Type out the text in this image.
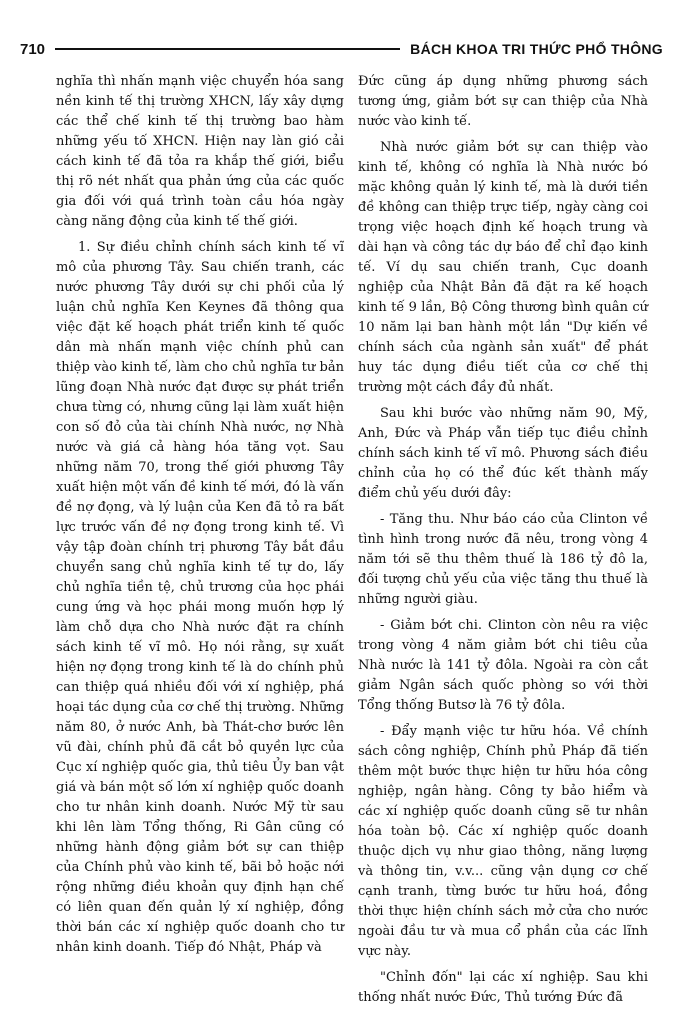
710	BÁCH KHOA TRI THỨC PHỔ THÔNG

nghĩa thì nhấn mạnh việc chuyển hóa sang nền kinh tế thị trường XHCN, lấy xây dựng các thể chế kinh tế thị trường bao hàm những yếu tố XHCN. Hiện nay làn gió cải cách kinh tế đã tỏa ra khắp thế giới, biểu thị rõ nét nhất qua phản ứng của các quốc gia đối với quá trình toàn cầu hóa ngày càng năng động của kinh tế thế giới.

1. Sự điều chỉnh chính sách kinh tế vĩ mô của phương Tây. Sau chiến tranh, các nước phương Tây dưới sự chi phối của lý luận chủ nghĩa Ken Keynes đã thông qua việc đặt kế hoạch phát triển kinh tế quốc dân mà nhấn mạnh việc chính phủ can thiệp vào kinh tế, làm cho chủ nghĩa tư bản lũng đoạn Nhà nước đạt được sự phát triển chưa từng có, nhưng cũng lại làm xuất hiện con số đỏ của tài chính Nhà nước, nợ Nhà nước và giá cả hàng hóa tăng vọt. Sau những năm 70, trong thế giới phương Tây xuất hiện một vấn đề kinh tế mới, đó là vấn đề nợ đọng, và lý luận của Ken đã tỏ ra bất lực trước vấn đề nợ đọng trong kinh tế. Vì vậy tập đoàn chính trị phương Tây bắt đầu chuyển sang chủ nghĩa kinh tế tự do, lấy chủ nghĩa tiền tệ, chủ trương của học phái cung ứng và học phái mong muốn hợp lý làm chỗ dựa cho Nhà nước đặt ra chính sách kinh tế vĩ mô. Họ nói rằng, sự xuất hiện nợ đọng trong kinh tế là do chính phủ can thiệp quá nhiều đối với xí nghiệp, phá hoại tác dụng của cơ chế thị trường. Những năm 80, ở nước Anh, bà Thát-chơ bước lên vũ đài, chính phủ đã cắt bỏ quyền lực của Cục xí nghiệp quốc gia, thủ tiêu Ủy ban vật giá và bán một số lớn xí nghiệp quốc doanh cho tư nhân kinh doanh. Nước Mỹ từ sau khi lên làm Tổng thống, Ri Gân cũng có những hành động giảm bớt sự can thiệp của Chính phủ vào kinh tế, bãi bỏ hoặc nới rộng những điều khoản quy định hạn chế có liên quan đến quản lý xí nghiệp, đồng thời bán các xí nghiệp quốc doanh cho tư nhân kinh doanh. Tiếp đó Nhật, Pháp và

Đức cũng áp dụng những phương sách tương ứng, giảm bớt sự can thiệp của Nhà nước vào kinh tế.

Nhà nước giảm bớt sự can thiệp vào kinh tế, không có nghĩa là Nhà nước bó mặc không quản lý kinh tế, mà là dưới tiền đề không can thiệp trực tiếp, ngày càng coi trọng việc hoạch định kế hoạch trung và dài hạn và công tác dự báo để chỉ đạo kinh tế. Ví dụ sau chiến tranh, Cục doanh nghiệp của Nhật Bản đã đặt ra kế hoạch kinh tế 9 lần, Bộ Công thương bình quân cứ 10 năm lại ban hành một lần "Dự kiến về chính sách của ngành sản xuất" để phát huy tác dụng điều tiết của cơ chế thị trường một cách đầy đủ nhất.

Sau khi bước vào những năm 90, Mỹ, Anh, Đức và Pháp vẫn tiếp tục điều chỉnh chính sách kinh tế vĩ mô. Phương sách điều chỉnh của họ có thể đúc kết thành mấy điểm chủ yếu dưới đây:

- Tăng thu. Như báo cáo của Clinton về tình hình trong nước đã nêu, trong vòng 4 năm tới sẽ thu thêm thuế là 186 tỷ đô la, đối tượng chủ yếu của việc tăng thu thuế là những người giàu.

- Giảm bớt chi. Clinton còn nêu ra việc trong vòng 4 năm giảm bớt chi tiêu của Nhà nước là 141 tỷ đôla. Ngoài ra còn cắt giảm Ngân sách quốc phòng so với thời Tổng thống Butsơ là 76 tỷ đôla.

- Đẩy mạnh việc tư hữu hóa. Về chính sách công nghiệp, Chính phủ Pháp đã tiến thêm một bước thực hiện tư hữu hóa công nghiệp, ngân hàng. Công ty bảo hiểm và các xí nghiệp quốc doanh cũng sẽ tư nhân hóa toàn bộ. Các xí nghiệp quốc doanh thuộc dịch vụ như giao thông, năng lượng và thông tin, v.v... cũng vận dụng cơ chế cạnh tranh, từng bước tư hữu hoá, đồng thời thực hiện chính sách mở cửa cho nước ngoài đầu tư và mua cổ phần của các lĩnh vực này.

"Chỉnh đốn" lại các xí nghiệp. Sau khi thống nhất nước Đức, Thủ tướng Đức đã
